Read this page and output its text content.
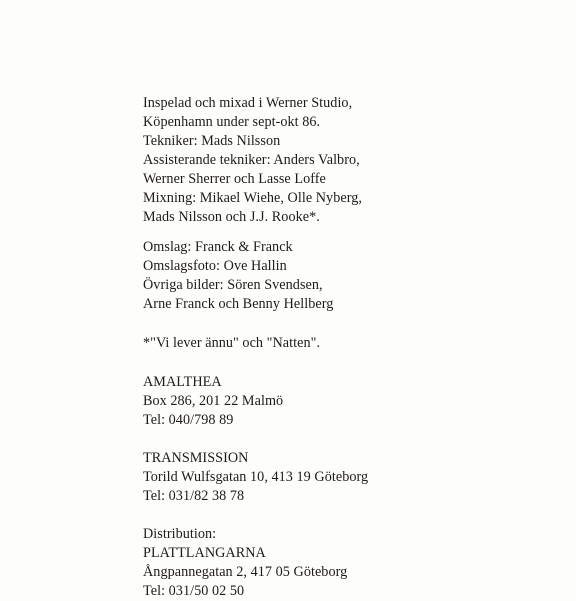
Inspelad och mixad i Werner Studio,
Köpenhamn under sept-okt 86.
Tekniker: Mads Nilsson
Assisterande tekniker: Anders Valbro,
Werner Sherrer och Lasse Loffe
Mixning: Mikael Wiehe, Olle Nyberg,
Mads Nilsson och J.J. Rooke*.
Omslag: Franck & Franck
Omslagsfoto: Ove Hallin
Övriga bilder: Sören Svendsen,
Arne Franck och Benny Hellberg
*"Vi lever ännu" och "Natten".
AMALTHEA
Box 286, 201 22 Malmö
Tel: 040/798 89
TRANSMISSION
Torild Wulfsgatan 10, 413 19 Göteborg
Tel: 031/82 38 78
Distribution:
PLATTLANGARNA
Ångpannegatan 2, 417 05 Göteborg
Tel: 031/50 02 50
